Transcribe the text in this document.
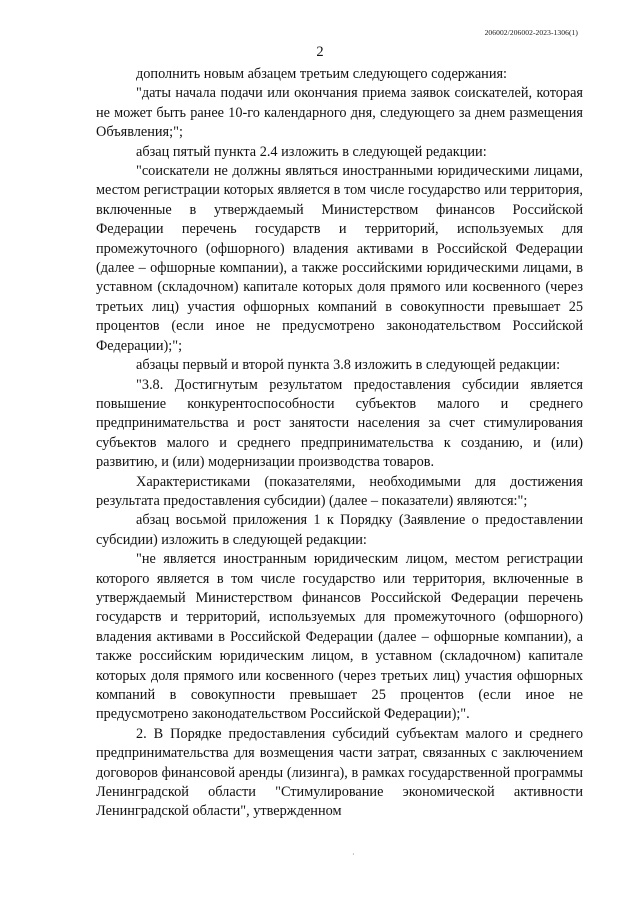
206002/206002-2023-1306(1)
2

дополнить новым абзацем третьим следующего содержания:

"даты начала подачи или окончания приема заявок соискателей, которая не может быть ранее 10-го календарного дня, следующего за днем размещения Объявления;";

абзац пятый пункта 2.4 изложить в следующей редакции:

"соискатели не должны являться иностранными юридическими лицами, местом регистрации которых является в том числе государство или территория, включенные в утверждаемый Министерством финансов Российской Федерации перечень государств и территорий, используемых для промежуточного (офшорного) владения активами в Российской Федерации (далее – офшорные компании), а также российскими юридическими лицами, в уставном (складочном) капитале которых доля прямого или косвенного (через третьих лиц) участия офшорных компаний в совокупности превышает 25 процентов (если иное не предусмотрено законодательством Российской Федерации);";

абзацы первый и второй пункта 3.8 изложить в следующей редакции:

"3.8. Достигнутым результатом предоставления субсидии является повышение конкурентоспособности субъектов малого и среднего предпринимательства и рост занятости населения за счет стимулирования субъектов малого и среднего предпринимательства к созданию, и (или) развитию, и (или) модернизации производства товаров.

Характеристиками (показателями, необходимыми для достижения результата предоставления субсидии) (далее – показатели) являются:";

абзац восьмой приложения 1 к Порядку (Заявление о предоставлении субсидии) изложить в следующей редакции:

"не является иностранным юридическим лицом, местом регистрации которого является в том числе государство или территория, включенные в утверждаемый Министерством финансов Российской Федерации перечень государств и территорий, используемых для промежуточного (офшорного) владения активами в Российской Федерации (далее – офшорные компании), а также российским юридическим лицом, в уставном (складочном) капитале которых доля прямого или косвенного (через третьих лиц) участия офшорных компаний в совокупности превышает 25 процентов (если иное не предусмотрено законодательством Российской Федерации);".

2. В Порядке предоставления субсидий субъектам малого и среднего предпринимательства для возмещения части затрат, связанных с заключением договоров финансовой аренды (лизинга), в рамках государственной программы Ленинградской области "Стимулирование экономической активности Ленинградской области", утвержденном

·
